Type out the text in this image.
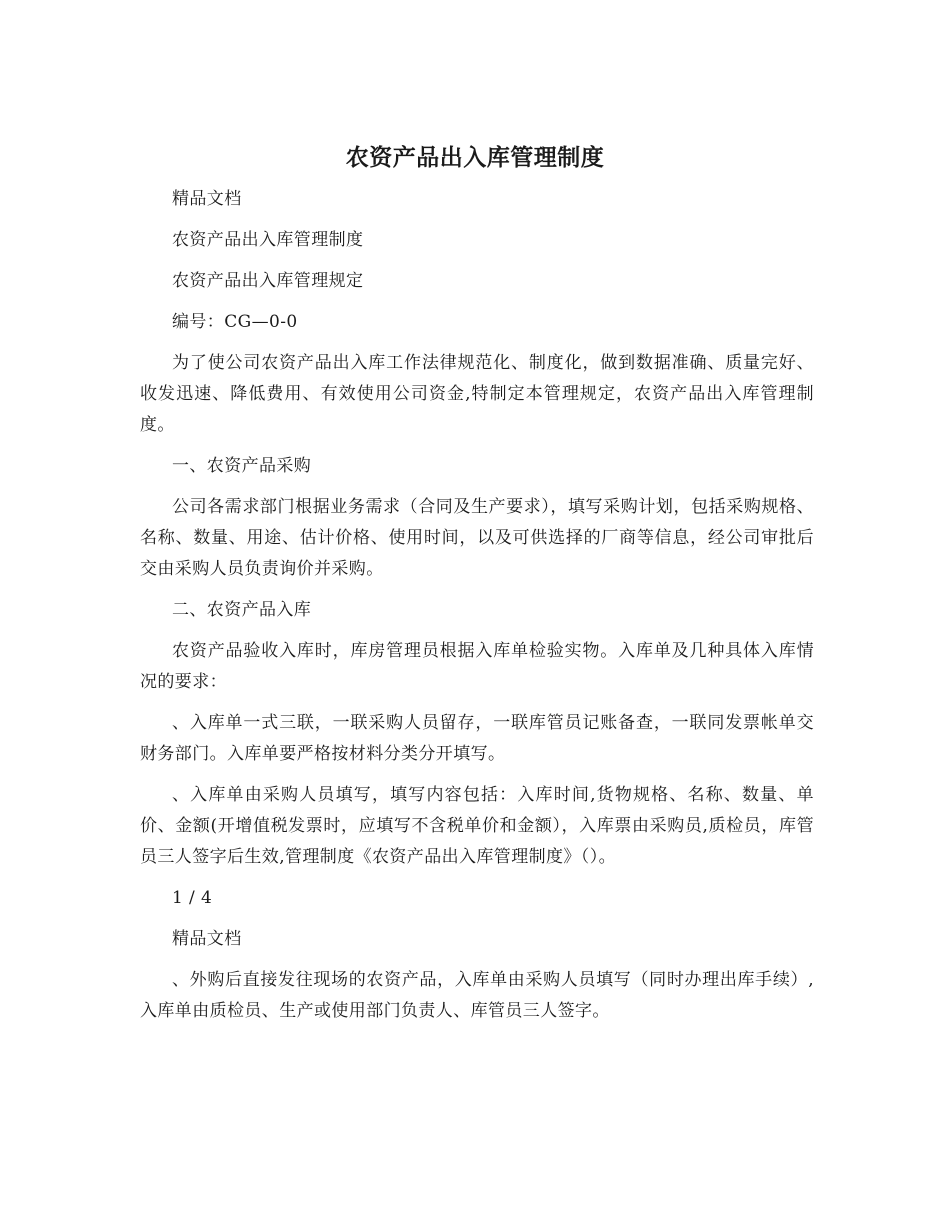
农资产品出入库管理制度

精品文档

农资产品出入库管理制度

农资产品出入库管理规定

编号：CG—0-0

为了使公司农资产品出入库工作法律规范化、制度化，做到数据准确、质量完好、收发迅速、降低费用、有效使用公司资金,特制定本管理规定，农资产品出入库管理制度。

一、农资产品采购

公司各需求部门根据业务需求（合同及生产要求），填写采购计划，包括采购规格、名称、数量、用途、估计价格、使用时间，以及可供选择的厂商等信息，经公司审批后交由采购人员负责询价并采购。

二、农资产品入库

农资产品验收入库时，库房管理员根据入库单检验实物。入库单及几种具体入库情况的要求：

、入库单一式三联，一联采购人员留存，一联库管员记账备查，一联同发票帐单交财务部门。入库单要严格按材料分类分开填写。

、入库单由采购人员填写，填写内容包括：入库时间,货物规格、名称、数量、单价、金额(开增值税发票时，应填写不含税单价和金额），入库票由采购员,质检员，库管员三人签字后生效,管理制度《农资产品出入库管理制度》（）。

1 / 4

精品文档

、外购后直接发往现场的农资产品，入库单由采购人员填写（同时办理出库手续）,入库单由质检员、生产或使用部门负责人、库管员三人签字。
